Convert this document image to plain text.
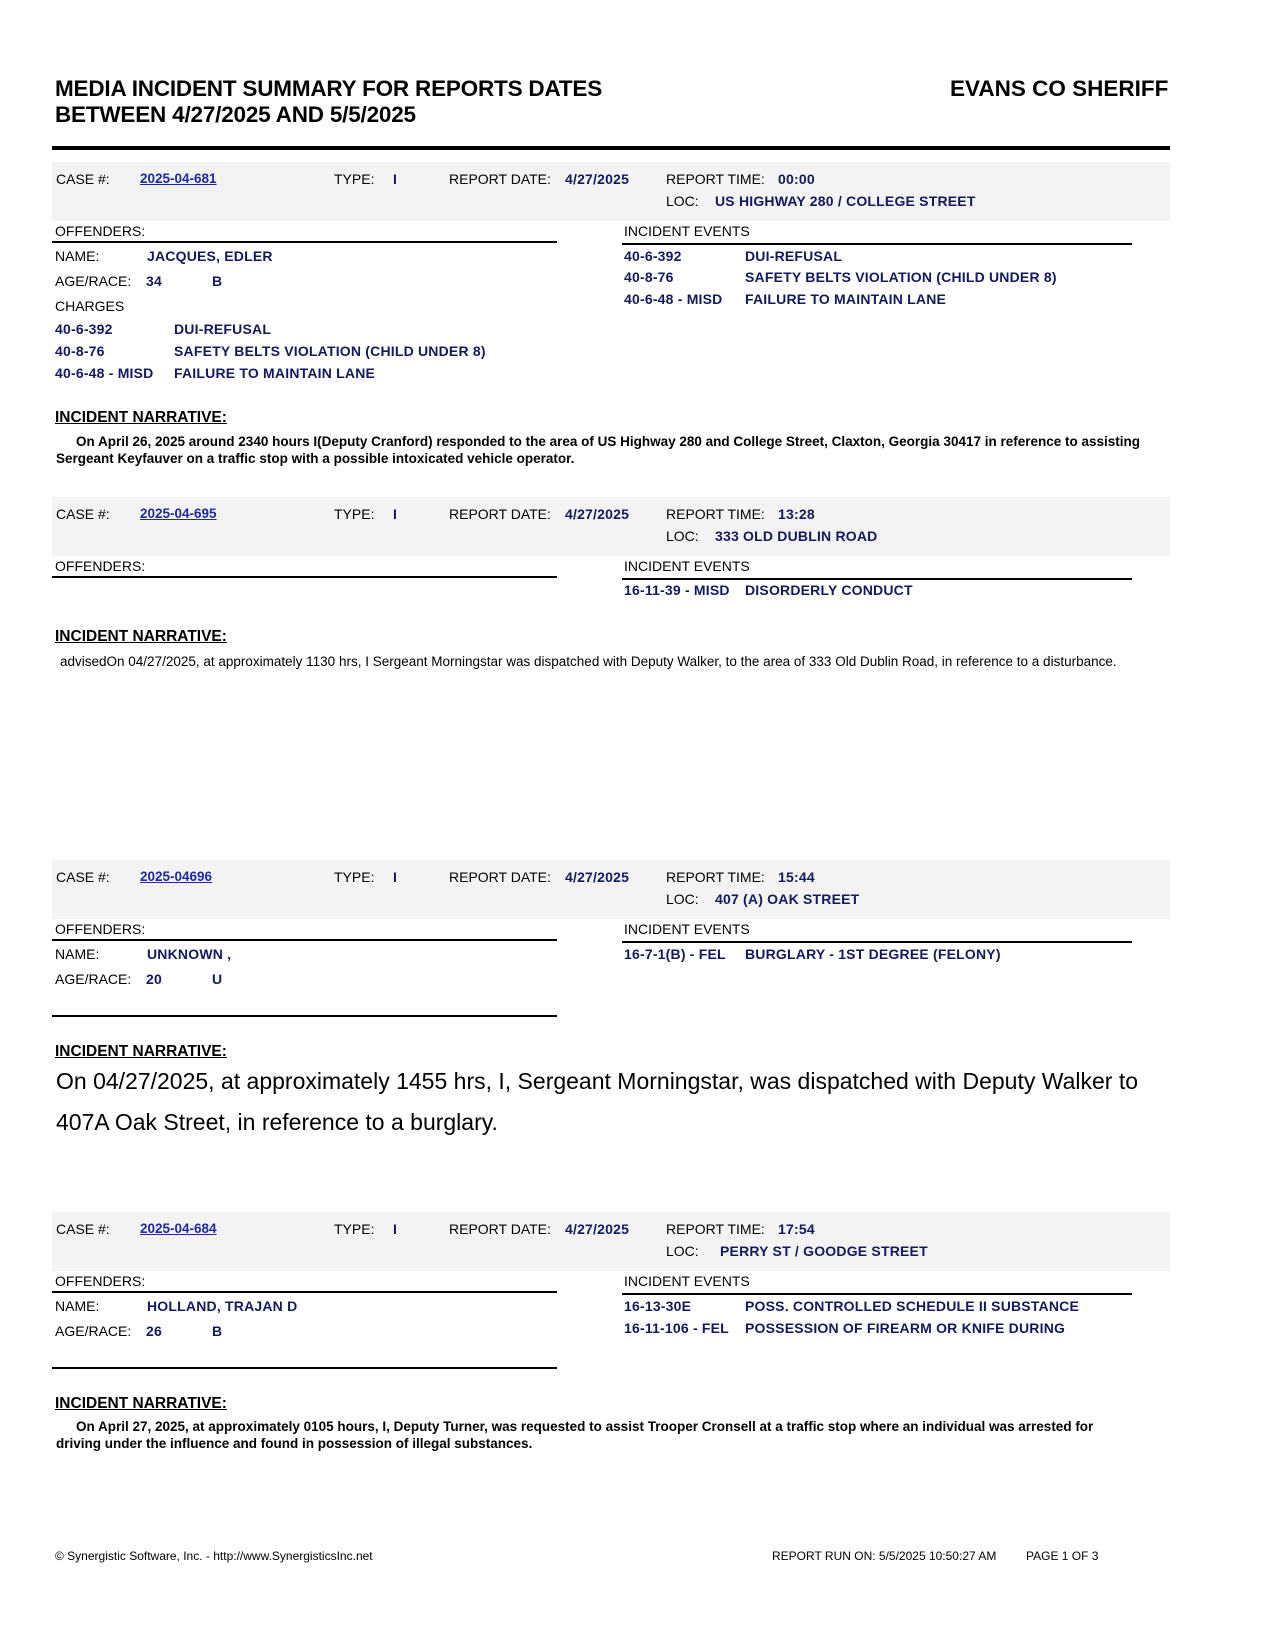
MEDIA INCIDENT SUMMARY FOR REPORTS DATES
BETWEEN 4/27/2025 AND 5/5/2025
EVANS CO SHERIFF
CASE #: 2025-04-681	TYPE: I	REPORT DATE: 4/27/2025	REPORT TIME: 00:00
LOC: US HIGHWAY 280 / COLLEGE STREET
OFFENDERS:	INCIDENT EVENTS
NAME:	JACQUES, EDLER
AGE/RACE: 34	B
CHARGES
40-6-392	DUI-REFUSAL
40-8-76	SAFETY BELTS VIOLATION (CHILD UNDER 8)
40-6-48 - MISD FAILURE TO MAINTAIN LANE
40-6-392	DUI-REFUSAL
40-8-76	SAFETY BELTS VIOLATION (CHILD UNDER 8)
40-6-48 - MISD FAILURE TO MAINTAIN LANE
INCIDENT NARRATIVE:
On April 26, 2025 around 2340 hours I(Deputy Cranford) responded to the area of US Highway 280 and College Street, Claxton, Georgia 30417 in reference to assisting Sergeant Keyfauver on a traffic stop with a possible intoxicated vehicle operator.
CASE #: 2025-04-695	TYPE: I	REPORT DATE: 4/27/2025	REPORT TIME: 13:28
LOC: 333 OLD DUBLIN ROAD
OFFENDERS:	INCIDENT EVENTS
16-11-39 - MISD DISORDERLY CONDUCT
INCIDENT NARRATIVE:
advisedOn 04/27/2025, at approximately 1130 hrs, I Sergeant Morningstar was dispatched with Deputy Walker, to the area of 333 Old Dublin Road, in reference to a disturbance.
CASE #: 2025-04696	TYPE: I	REPORT DATE: 4/27/2025	REPORT TIME: 15:44
LOC: 407 (A) OAK STREET
OFFENDERS:	INCIDENT EVENTS
NAME:	UNKNOWN ,
AGE/RACE: 20	U
16-7-1(B) - FEL BURGLARY - 1ST DEGREE (FELONY)
INCIDENT NARRATIVE:
On 04/27/2025, at approximately 1455 hrs, I, Sergeant Morningstar, was dispatched with Deputy Walker to 407A Oak Street, in reference to a burglary.
CASE #: 2025-04-684	TYPE: I	REPORT DATE: 4/27/2025	REPORT TIME: 17:54
LOC: PERRY ST / GOODGE STREET
OFFENDERS:	INCIDENT EVENTS
NAME:	HOLLAND, TRAJAN D
AGE/RACE: 26	B
16-13-30E	POSS. CONTROLLED SCHEDULE II SUBSTANCE
16-11-106 - FEL POSSESSION OF FIREARM OR KNIFE DURING
INCIDENT NARRATIVE:
On April 27, 2025, at approximately 0105 hours, I, Deputy Turner, was requested to assist Trooper Cronsell at a traffic stop where an individual was arrested for driving under the influence and found in possession of illegal substances.
© Synergistic Software, Inc. - http://www.SynergisticsInc.net	REPORT RUN ON: 5/5/2025 10:50:27 AM PAGE 1 OF 3
